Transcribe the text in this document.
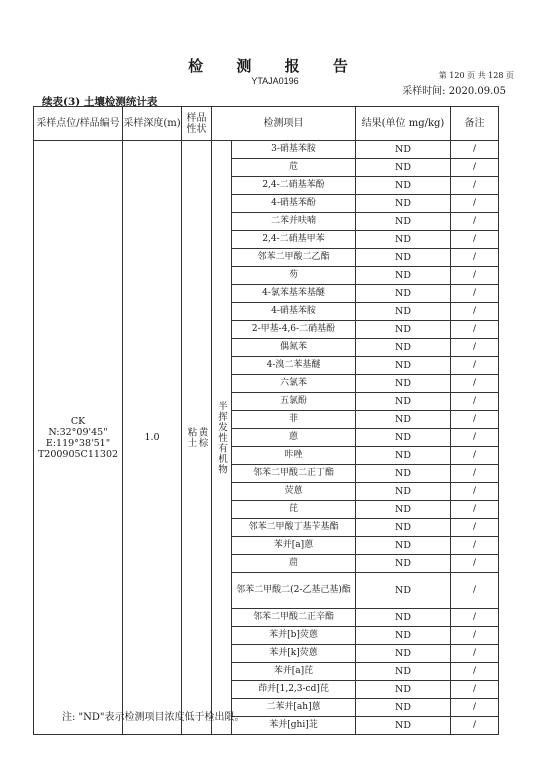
检 测 报 告
YTAJA0196
第 120 页 共 128 页
采样时间: 2020.09.05
续表(3) 土壤检测统计表
采样点位/样品编号	采样深度(m)	样品性状	检测项目		结果(单位 mg/kg)	备注

CK
N:32°09'45"
E:119°38'51"
T200905C11302	1.0	黄棕粘土	半挥发性有机物	3-硝基苯胺	ND	/
				苊	ND	/
				2,4-二硝基苯酚	ND	/
				4-硝基苯酚	ND	/
				二苯并呋喃	ND	/
				2,4-二硝基甲苯	ND	/
				邻苯二甲酸二乙酯	ND	/
				芴	ND	/
				4-氯苯基苯基醚	ND	/
				4-硝基苯胺	ND	/
				2-甲基-4,6-二硝基酚	ND	/
				偶氮苯	ND	/
				4-溴二苯基醚	ND	/
				六氯苯	ND	/
				五氯酚	ND	/
				菲	ND	/
				蒽	ND	/
				咔唑	ND	/
				邻苯二甲酸二正丁酯	ND	/
				荧蒽	ND	/
				芘	ND	/
				邻苯二甲酸丁基苄基酯	ND	/
				苯并[a]蒽	ND	/
				䓛	ND	/
				邻苯二甲酸二(2-乙基己基)酯	ND	/
				邻苯二甲酸二正辛酯	ND	/
				苯并[b]荧蒽	ND	/
				苯并[k]荧蒽	ND	/
				苯并[a]芘	ND	/
				茚并[1,2,3-cd]芘	ND	/
				二苯并[ah]蒽	ND	/
				苯并[ghi]苝	ND	/
注: "ND"表示检测项目浓度低于检出限。
